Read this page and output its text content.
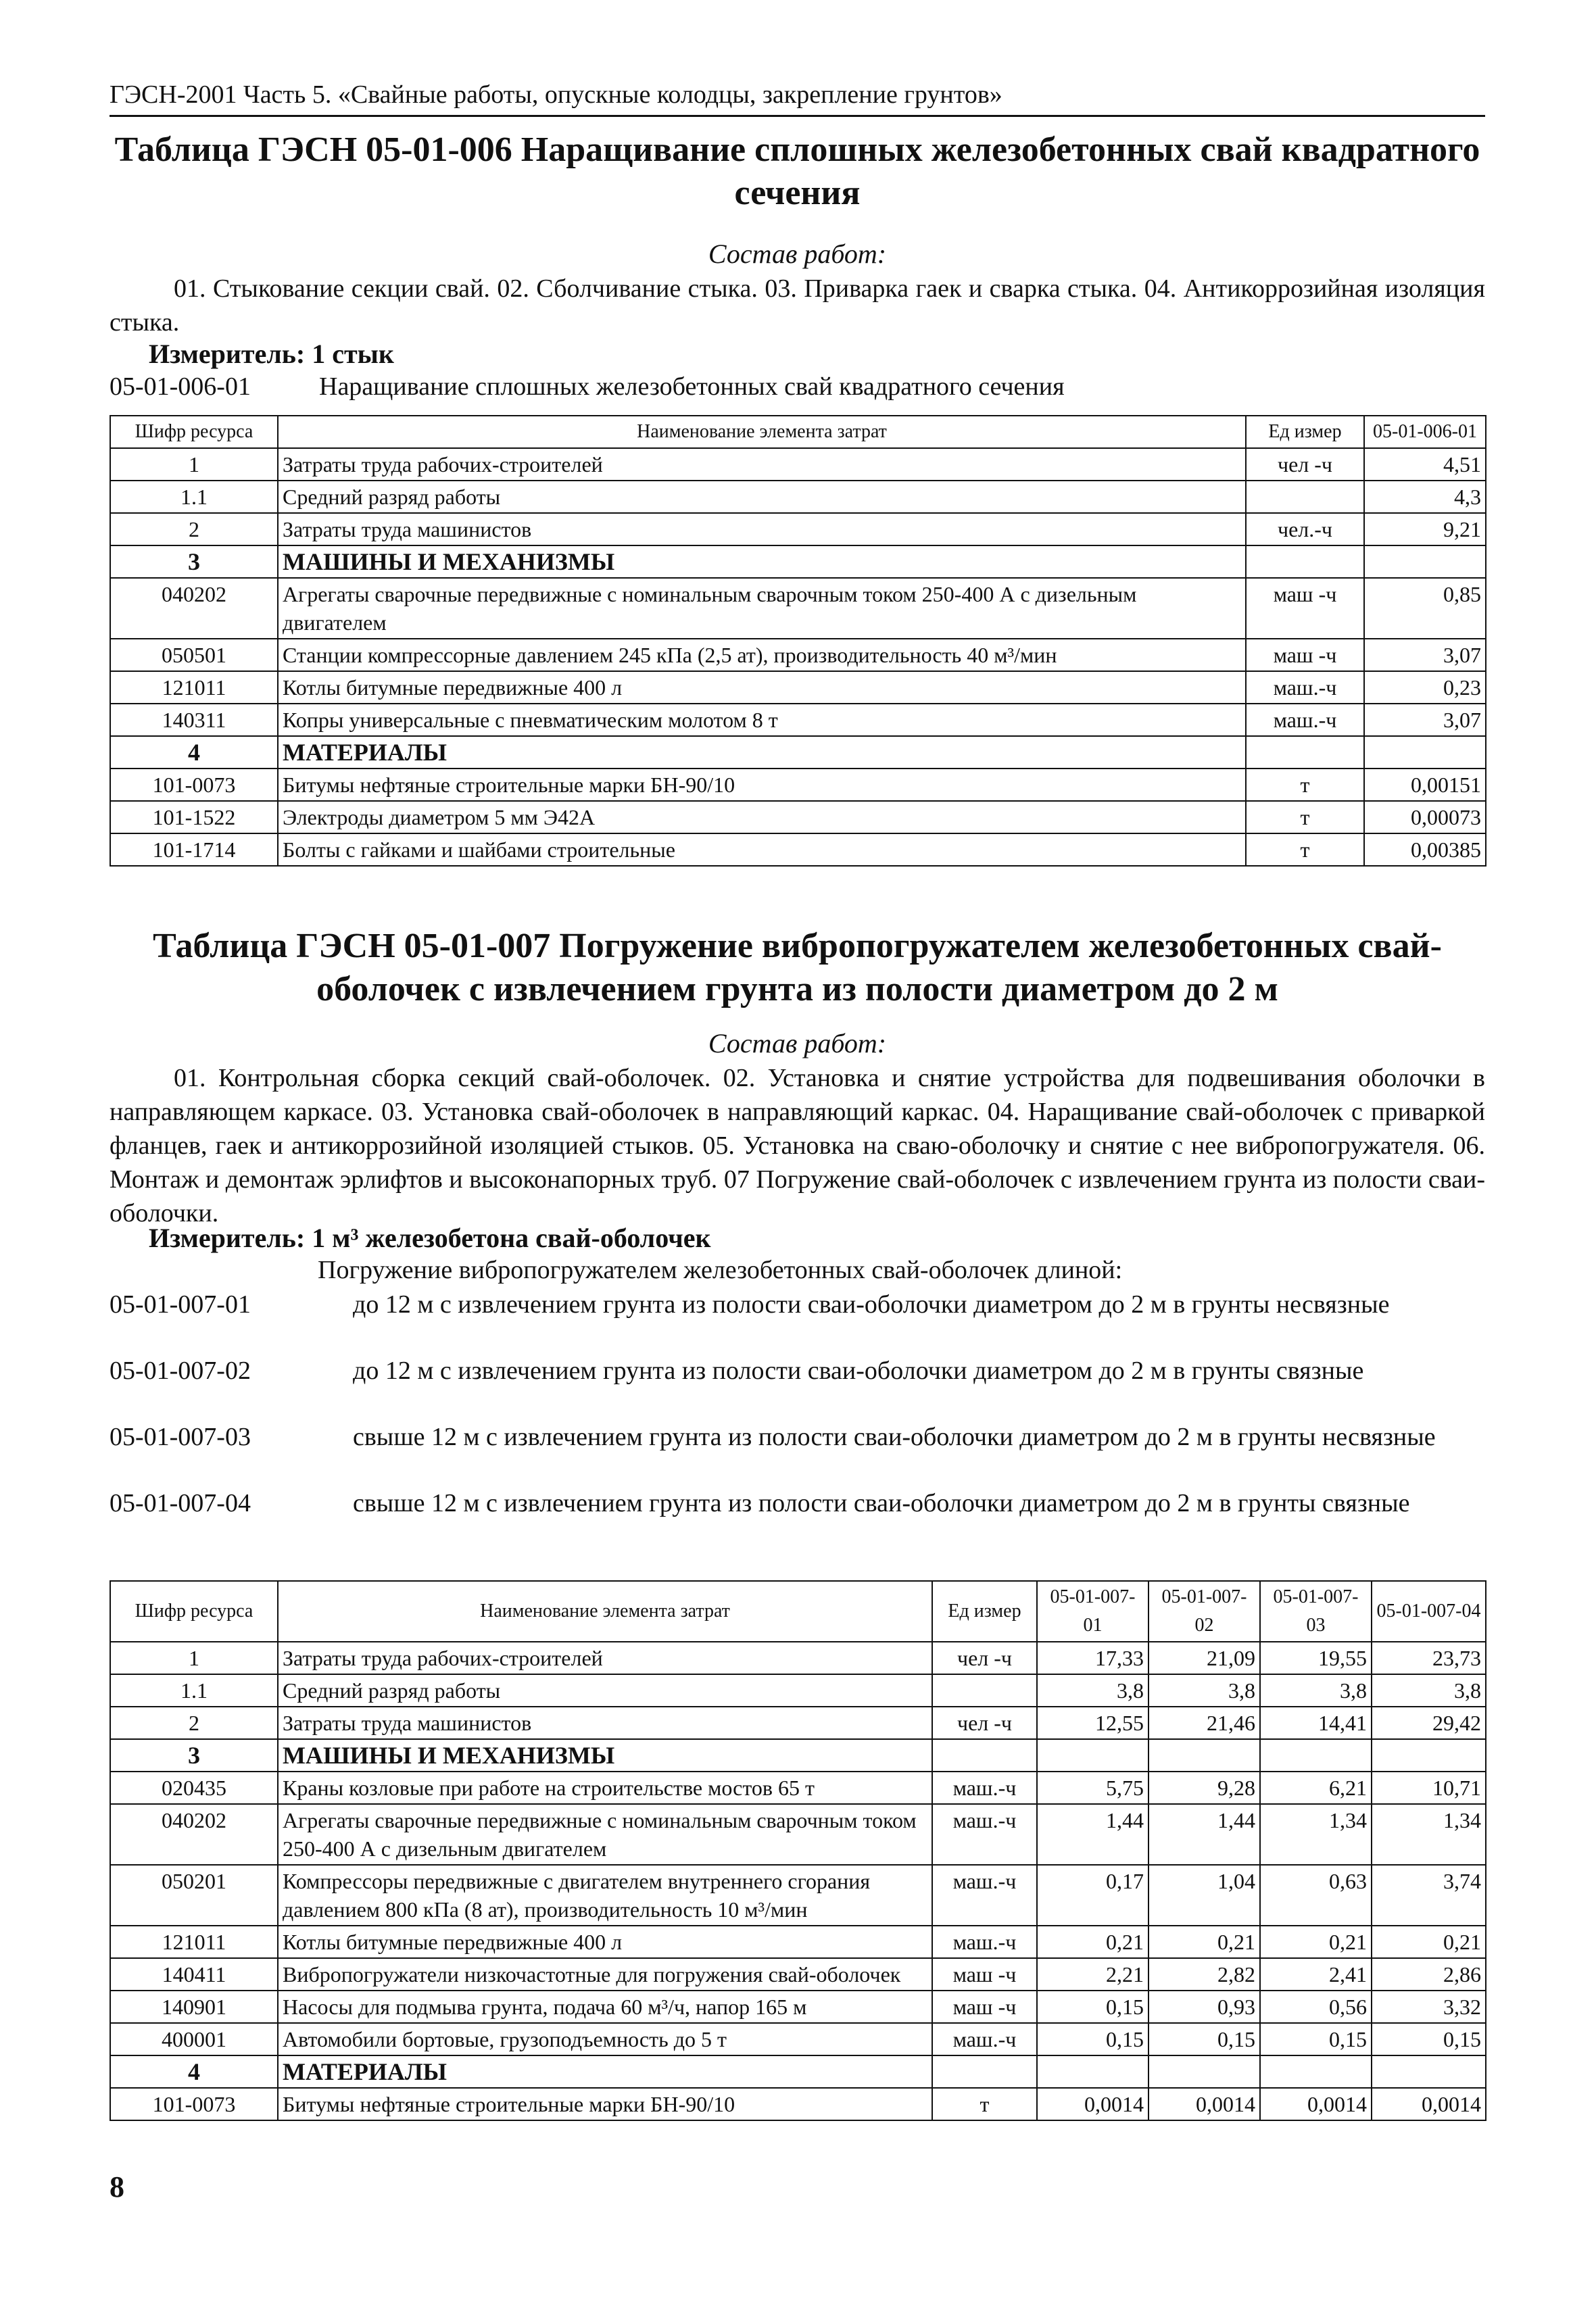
ГЭСН-2001 Часть 5. «Свайные работы, опускные колодцы, закрепление грунтов»
Таблица ГЭСН 05-01-006 Наращивание сплошных железобетонных свай квадратного сечения
Состав работ:
01. Стыкование секции свай. 02. Сболчивание стыка. 03. Приварка гаек и сварка стыка. 04. Антикоррозийная изоляция стыка.
Измеритель: 1 стык
05-01-006-01	Наращивание сплошных железобетонных свай квадратного сечения
Шифр ресурса	Наименование элемента затрат	Ед измер	05-01-006-01
1	Затраты труда рабочих-строителей	чел -ч	4,51
1.1	Средний разряд работы		4,3
2	Затраты труда машинистов	чел.-ч	9,21
3	МАШИНЫ И МЕХАНИЗМЫ		
040202	Агрегаты сварочные передвижные с номинальным сварочным током 250-400 А с дизельным двигателем	маш -ч	0,85
050501	Станции компрессорные давлением 245 кПа (2,5 ат), производительность 40 м³/мин	маш -ч	3,07
121011	Котлы битумные передвижные 400 л	маш.-ч	0,23
140311	Копры универсальные с пневматическим молотом 8 т	маш.-ч	3,07
4	МАТЕРИАЛЫ		
101-0073	Битумы нефтяные строительные марки БН-90/10	т	0,00151
101-1522	Электроды диаметром 5 мм Э42А	т	0,00073
101-1714	Болты с гайками и шайбами строительные	т	0,00385
Таблица ГЭСН 05-01-007 Погружение вибропогружателем железобетонных свай-оболочек с извлечением грунта из полости диаметром до 2 м
Состав работ:
01. Контрольная сборка секций свай-оболочек. 02. Установка и снятие устройства для подвешивания оболочки в направляющем каркасе. 03. Установка свай-оболочек в направляющий каркас. 04. Наращивание свай-оболочек с приваркой фланцев, гаек и антикоррозийной изоляцией стыков. 05. Установка на сваю-оболочку и снятие с нее вибропогружателя. 06. Монтаж и демонтаж эрлифтов и высоконапорных труб. 07 Погружение свай-оболочек с извлечением грунта из полости сваи-оболочки.
Измеритель: 1 м³ железобетона свай-оболочек
Погружение вибропогружателем железобетонных свай-оболочек длиной:
05-01-007-01	до 12 м с извлечением грунта из полости сваи-оболочки диаметром до 2 м в грунты несвязные
05-01-007-02	до 12 м с извлечением грунта из полости сваи-оболочки диаметром до 2 м в грунты связные
05-01-007-03	свыше 12 м с извлечением грунта из полости сваи-оболочки диаметром до 2 м в грунты несвязные
05-01-007-04	свыше 12 м с извлечением грунта из полости сваи-оболочки диаметром до 2 м в грунты связные
Шифр ресурса	Наименование элемента затрат	Ед измер	05-01-007-01	05-01-007-02	05-01-007-03	05-01-007-04
1	Затраты труда рабочих-строителей	чел -ч	17,33	21,09	19,55	23,73
1.1	Средний разряд работы		3,8	3,8	3,8	3,8
2	Затраты труда машинистов	чел -ч	12,55	21,46	14,41	29,42
3	МАШИНЫ И МЕХАНИЗМЫ					
020435	Краны козловые при работе на строительстве мостов 65 т	маш.-ч	5,75	9,28	6,21	10,71
040202	Агрегаты сварочные передвижные с номинальным сварочным током 250-400 А с дизельным двигателем	маш.-ч	1,44	1,44	1,34	1,34
050201	Компрессоры передвижные с двигателем внутреннего сгорания давлением 800 кПа (8 ат), производительность 10 м³/мин	маш.-ч	0,17	1,04	0,63	3,74
121011	Котлы битумные передвижные 400 л	маш.-ч	0,21	0,21	0,21	0,21
140411	Вибропогружатели низкочастотные для погружения свай-оболочек	маш -ч	2,21	2,82	2,41	2,86
140901	Насосы для подмыва грунта, подача 60 м³/ч, напор 165 м	маш -ч	0,15	0,93	0,56	3,32
400001	Автомобили бортовые, грузоподъемность до 5 т	маш.-ч	0,15	0,15	0,15	0,15
4	МАТЕРИАЛЫ					
101-0073	Битумы нефтяные строительные марки БН-90/10	т	0,0014	0,0014	0,0014	0,0014
8
